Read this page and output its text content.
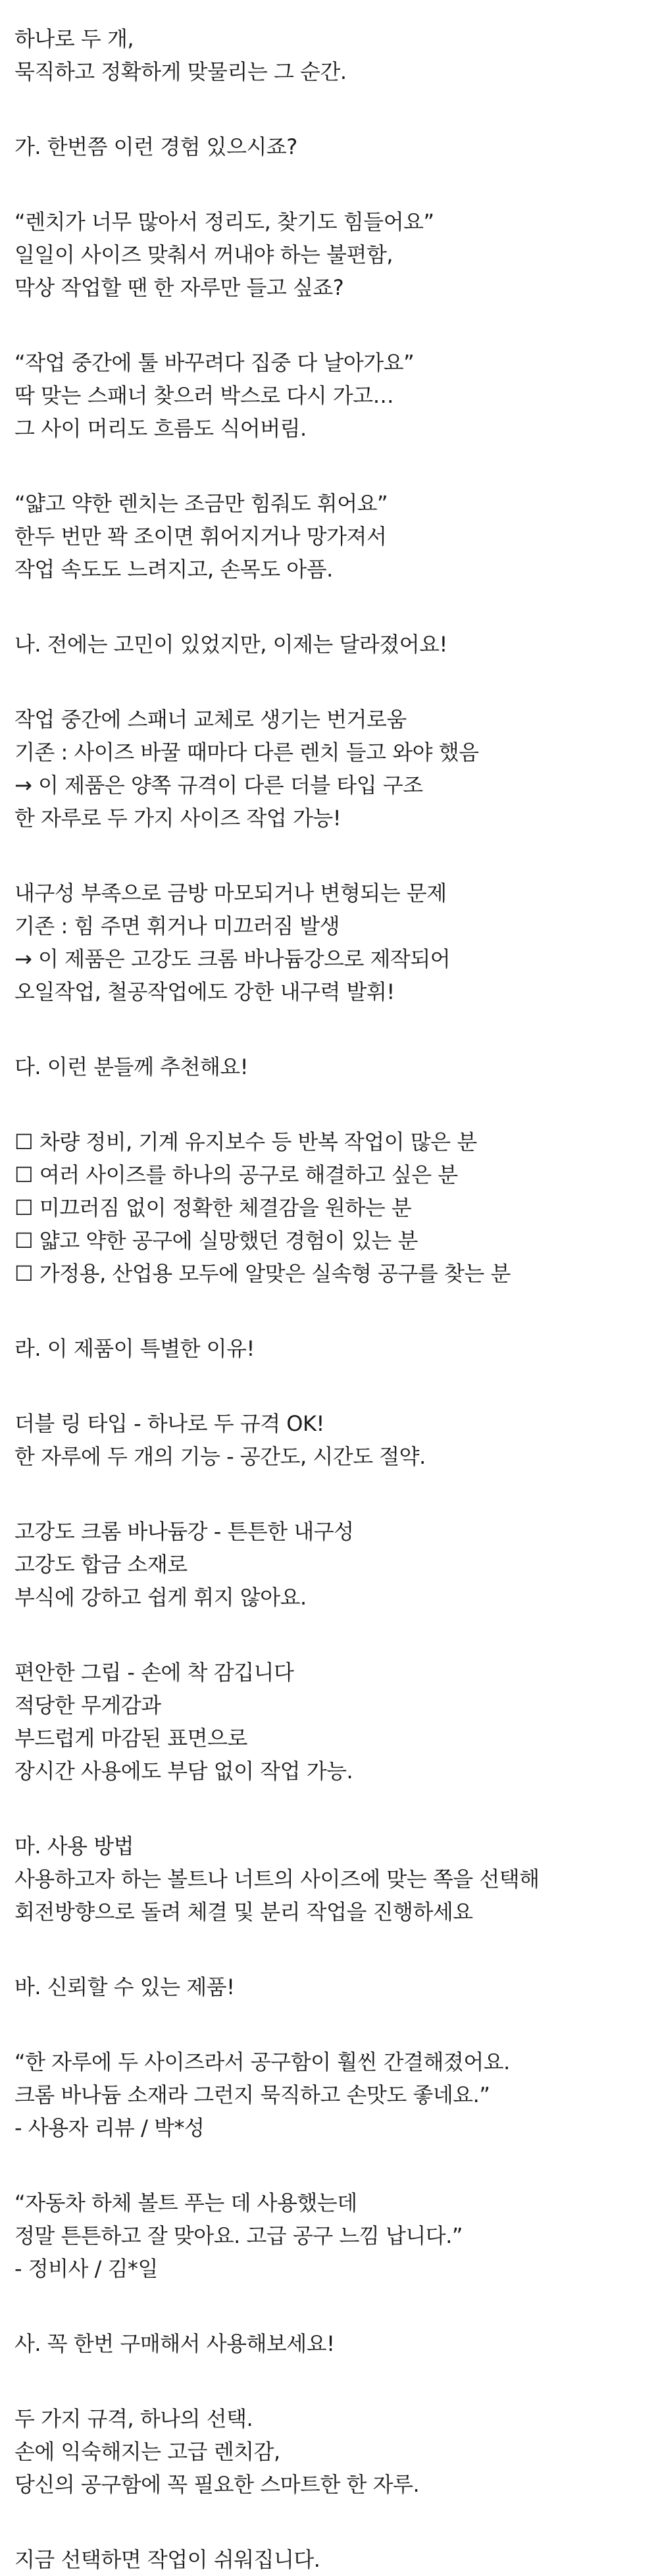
하나로 두 개,
묵직하고 정확하게 맞물리는 그 순간.
가. 한번쯤 이런 경험 있으시죠?
“렌치가 너무 많아서 정리도, 찾기도 힘들어요”
일일이 사이즈 맞춰서 꺼내야 하는 불편함,
막상 작업할 땐 한 자루만 들고 싶죠?
“작업 중간에 툴 바꾸려다 집중 다 날아가요”
딱 맞는 스패너 찾으러 박스로 다시 가고…
그 사이 머리도 흐름도 식어버림.
“얇고 약한 렌치는 조금만 힘줘도 휘어요”
한두 번만 꽉 조이면 휘어지거나 망가져서
작업 속도도 느려지고, 손목도 아픔.
나. 전에는 고민이 있었지만, 이제는 달라졌어요!
작업 중간에 스패너 교체로 생기는 번거로움
기존 : 사이즈 바꿀 때마다 다른 렌치 들고 와야 했음
→ 이 제품은 양쪽 규격이 다른 더블 타입 구조
한 자루로 두 가지 사이즈 작업 가능!
내구성 부족으로 금방 마모되거나 변형되는 문제
기존 : 힘 주면 휘거나 미끄러짐 발생
→ 이 제품은 고강도 크롬 바나듐강으로 제작되어
오일작업, 철공작업에도 강한 내구력 발휘!
다. 이런 분들께 추천해요!
☐ 차량 정비, 기계 유지보수 등 반복 작업이 많은 분
☐ 여러 사이즈를 하나의 공구로 해결하고 싶은 분
☐ 미끄러짐 없이 정확한 체결감을 원하는 분
☐ 얇고 약한 공구에 실망했던 경험이 있는 분
☐ 가정용, 산업용 모두에 알맞은 실속형 공구를 찾는 분
라. 이 제품이 특별한 이유!
더블 링 타입 - 하나로 두 규격 OK!
한 자루에 두 개의 기능 - 공간도, 시간도 절약.
고강도 크롬 바나듐강 - 튼튼한 내구성
고강도 합금 소재로
부식에 강하고 쉽게 휘지 않아요.
편안한 그립 - 손에 착 감깁니다
적당한 무게감과
부드럽게 마감된 표면으로
장시간 사용에도 부담 없이 작업 가능.
마. 사용 방법
사용하고자 하는 볼트나 너트의 사이즈에 맞는 쪽을 선택해
회전방향으로 돌려 체결 및 분리 작업을 진행하세요
바. 신뢰할 수 있는 제품!
“한 자루에 두 사이즈라서 공구함이 훨씬 간결해졌어요.
크롬 바나듐 소재라 그런지 묵직하고 손맛도 좋네요.”
- 사용자 리뷰 / 박*성
“자동차 하체 볼트 푸는 데 사용했는데
정말 튼튼하고 잘 맞아요. 고급 공구 느낌 납니다.”
- 정비사 / 김*일
사. 꼭 한번 구매해서 사용해보세요!
두 가지 규격, 하나의 선택.
손에 익숙해지는 고급 렌치감,
당신의 공구함에 꼭 필요한 스마트한 한 자루.
지금 선택하면 작업이 쉬워집니다.
